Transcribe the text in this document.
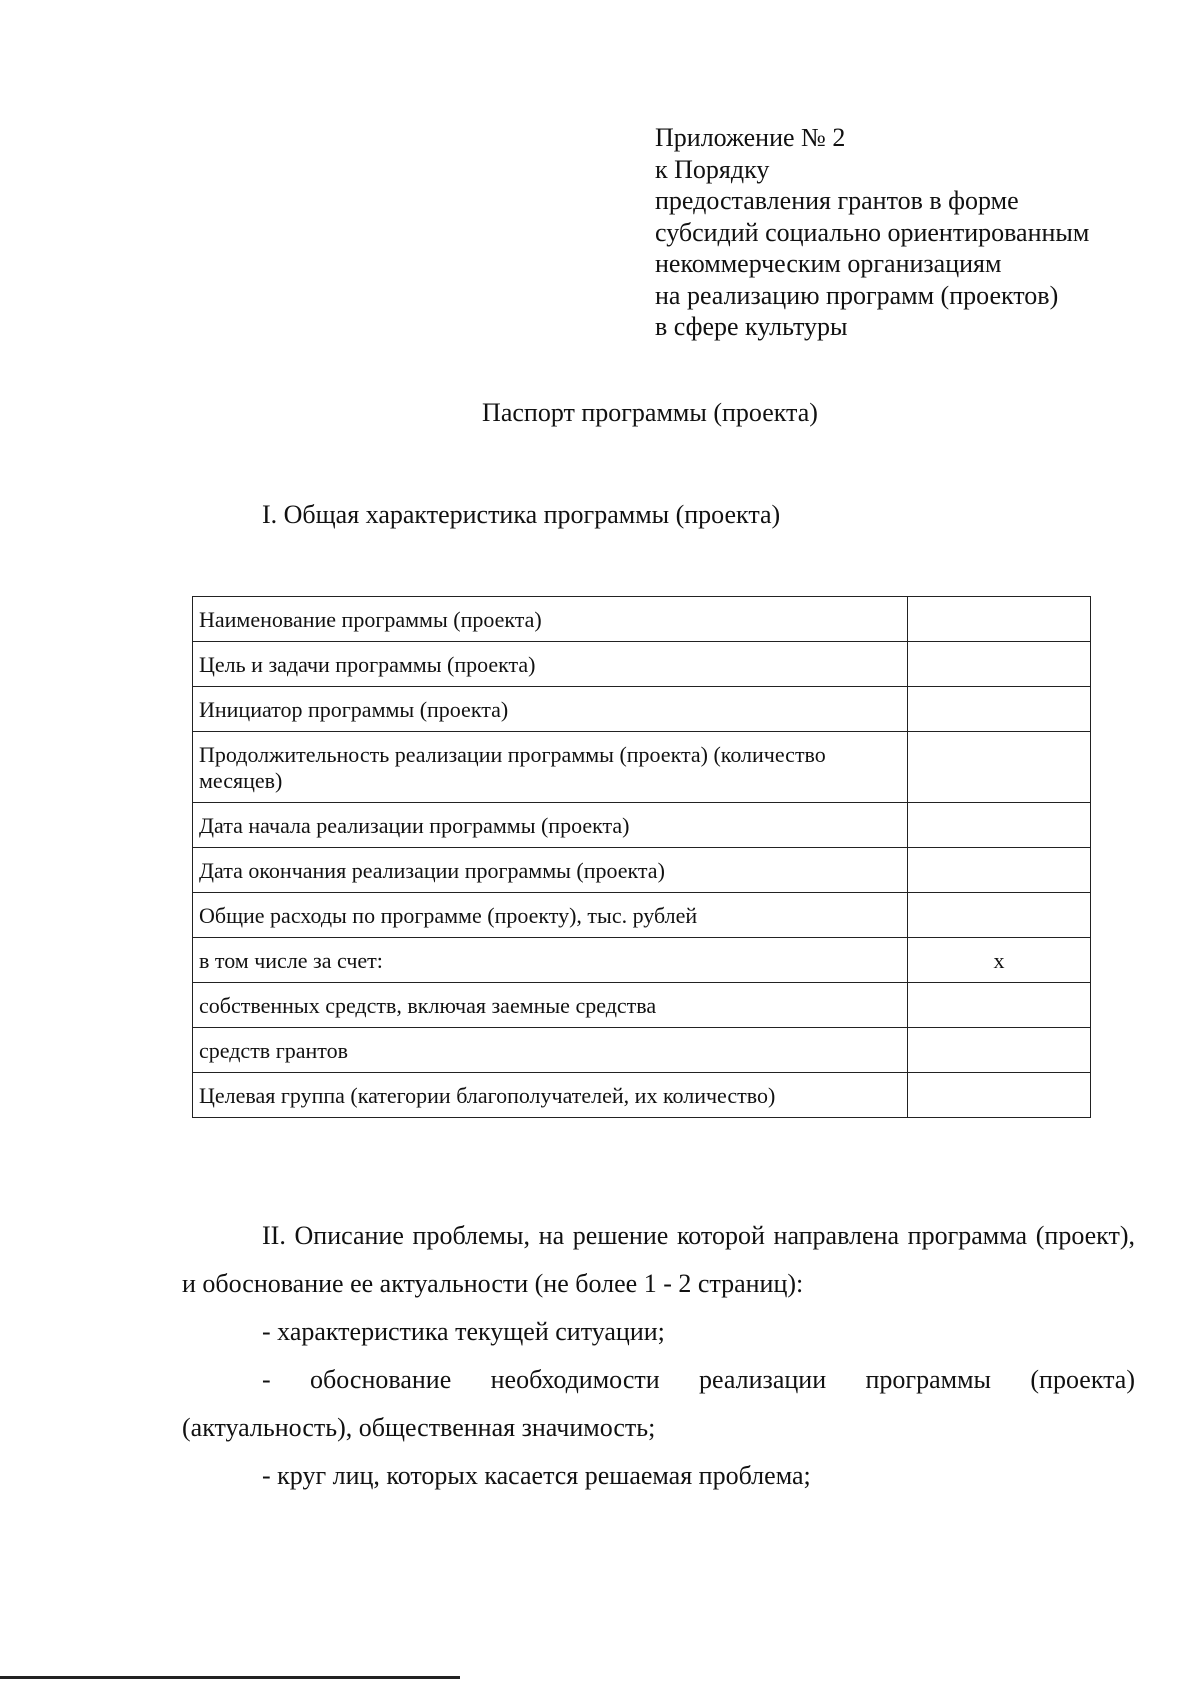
Приложение № 2
к Порядку
предоставления грантов в форме
субсидий социально ориентированным
некоммерческим организациям
на реализацию программ (проектов)
в сфере культуры
Паспорт программы (проекта)
I. Общая характеристика программы (проекта)
Наименование программы (проекта)	
Цель и задачи программы (проекта)	
Инициатор программы (проекта)	
Продолжительность реализации программы (проекта) (количество месяцев)	
Дата начала реализации программы (проекта)	
Дата окончания реализации программы (проекта)	
Общие расходы по программе (проекту), тыс. рублей	
в том числе за счет:	х
собственных средств, включая заемные средства	
средств грантов	
Целевая группа (категории благополучателей, их количество)	

II. Описание проблемы, на решение которой направлена программа (проект), и обоснование ее актуальности (не более 1 - 2 страниц):

- характеристика текущей ситуации;

- обоснование необходимости реализации программы (проекта) (актуальность), общественная значимость;

- круг лиц, которых касается решаемая проблема;
